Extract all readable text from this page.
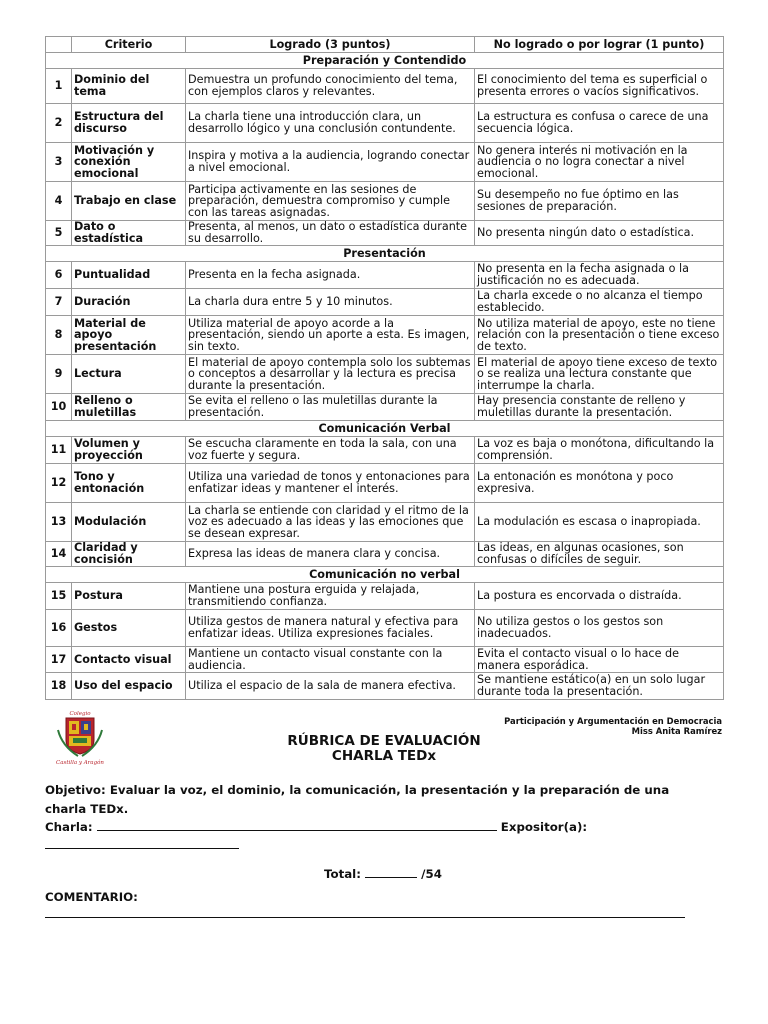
	Criterio	Logrado (3 puntos)	No logrado o por lograr (1 punto)
Preparación y Contendido			
1	Dominio del tema	Demuestra un profundo conocimiento del tema, con ejemplos claros y relevantes.	El conocimiento del tema es superficial o presenta errores o vacíos significativos.
2	Estructura del discurso	La charla tiene una introducción clara, un desarrollo lógico y una conclusión contundente.	La estructura es confusa o carece de una secuencia lógica.
3	Motivación y conexión emocional	Inspira y motiva a la audiencia, logrando conectar a nivel emocional.	No genera interés ni motivación en la audiencia o no logra conectar a nivel emocional.
4	Trabajo en clase	Participa activamente en las sesiones de preparación, demuestra compromiso y cumple con las tareas asignadas.	Su desempeño no fue óptimo en las sesiones de preparación.
5	Dato o estadística	Presenta, al menos, un dato o estadística durante su desarrollo.	No presenta ningún dato o estadística.
Presentación			
6	Puntualidad	Presenta en la fecha asignada.	No presenta en la fecha asignada o la justificación no es adecuada.
7	Duración	La charla dura entre 5 y 10 minutos.	La charla excede o no alcanza el tiempo establecido.
8	Material de apoyo presentación	Utiliza material de apoyo acorde a la presentación, siendo un aporte a esta. Es imagen, sin texto.	No utiliza material de apoyo, este no tiene relación con la presentación o tiene exceso de texto.
9	Lectura	El material de apoyo contempla solo los subtemas o conceptos a desarrollar y la lectura es precisa durante la presentación.	El material de apoyo tiene exceso de texto o se realiza una lectura constante que interrumpe la charla.
10	Relleno o muletillas	Se evita el relleno o las muletillas durante la presentación.	Hay presencia constante de relleno y muletillas durante la presentación.
Comunicación Verbal			
11	Volumen y proyección	Se escucha claramente en toda la sala, con una voz fuerte y segura.	La voz es baja o monótona, dificultando la comprensión.
12	Tono y entonación	Utiliza una variedad de tonos y entonaciones para enfatizar ideas y mantener el interés.	La entonación es monótona y poco expresiva.
13	Modulación	La charla se entiende con claridad y el ritmo de la voz es adecuado a las ideas y las emociones que se desean expresar.	La modulación es escasa o inapropiada.
14	Claridad y concisión	Expresa las ideas de manera clara y concisa.	Las ideas, en algunas ocasiones, son confusas o difíciles de seguir.
Comunicación no verbal			
15	Postura	Mantiene una postura erguida y relajada, transmitiendo confianza.	La postura es encorvada o distraída.
16	Gestos	Utiliza gestos de manera natural y efectiva para enfatizar ideas. Utiliza expresiones faciales.	No utiliza gestos o los gestos son inadecuados.
17	Contacto visual	Mantiene un contacto visual constante con la audiencia.	Evita el contacto visual o lo hace de manera esporádica.
18	Uso del espacio	Utiliza el espacio de la sala de manera efectiva.	Se mantiene estático(a) en un solo lugar durante toda la presentación.
Colegio
Castilla y Aragón
Participación y Argumentación en Democracia
Miss Anita Ramírez
RÚBRICA DE EVALUACIÓN
CHARLA TEDx
Objetivo: Evaluar la voz, el dominio, la comunicación, la presentación y la preparación de una
charla TEDx.
Charla:	Expositor(a):
Total:	/54
COMENTARIO:
